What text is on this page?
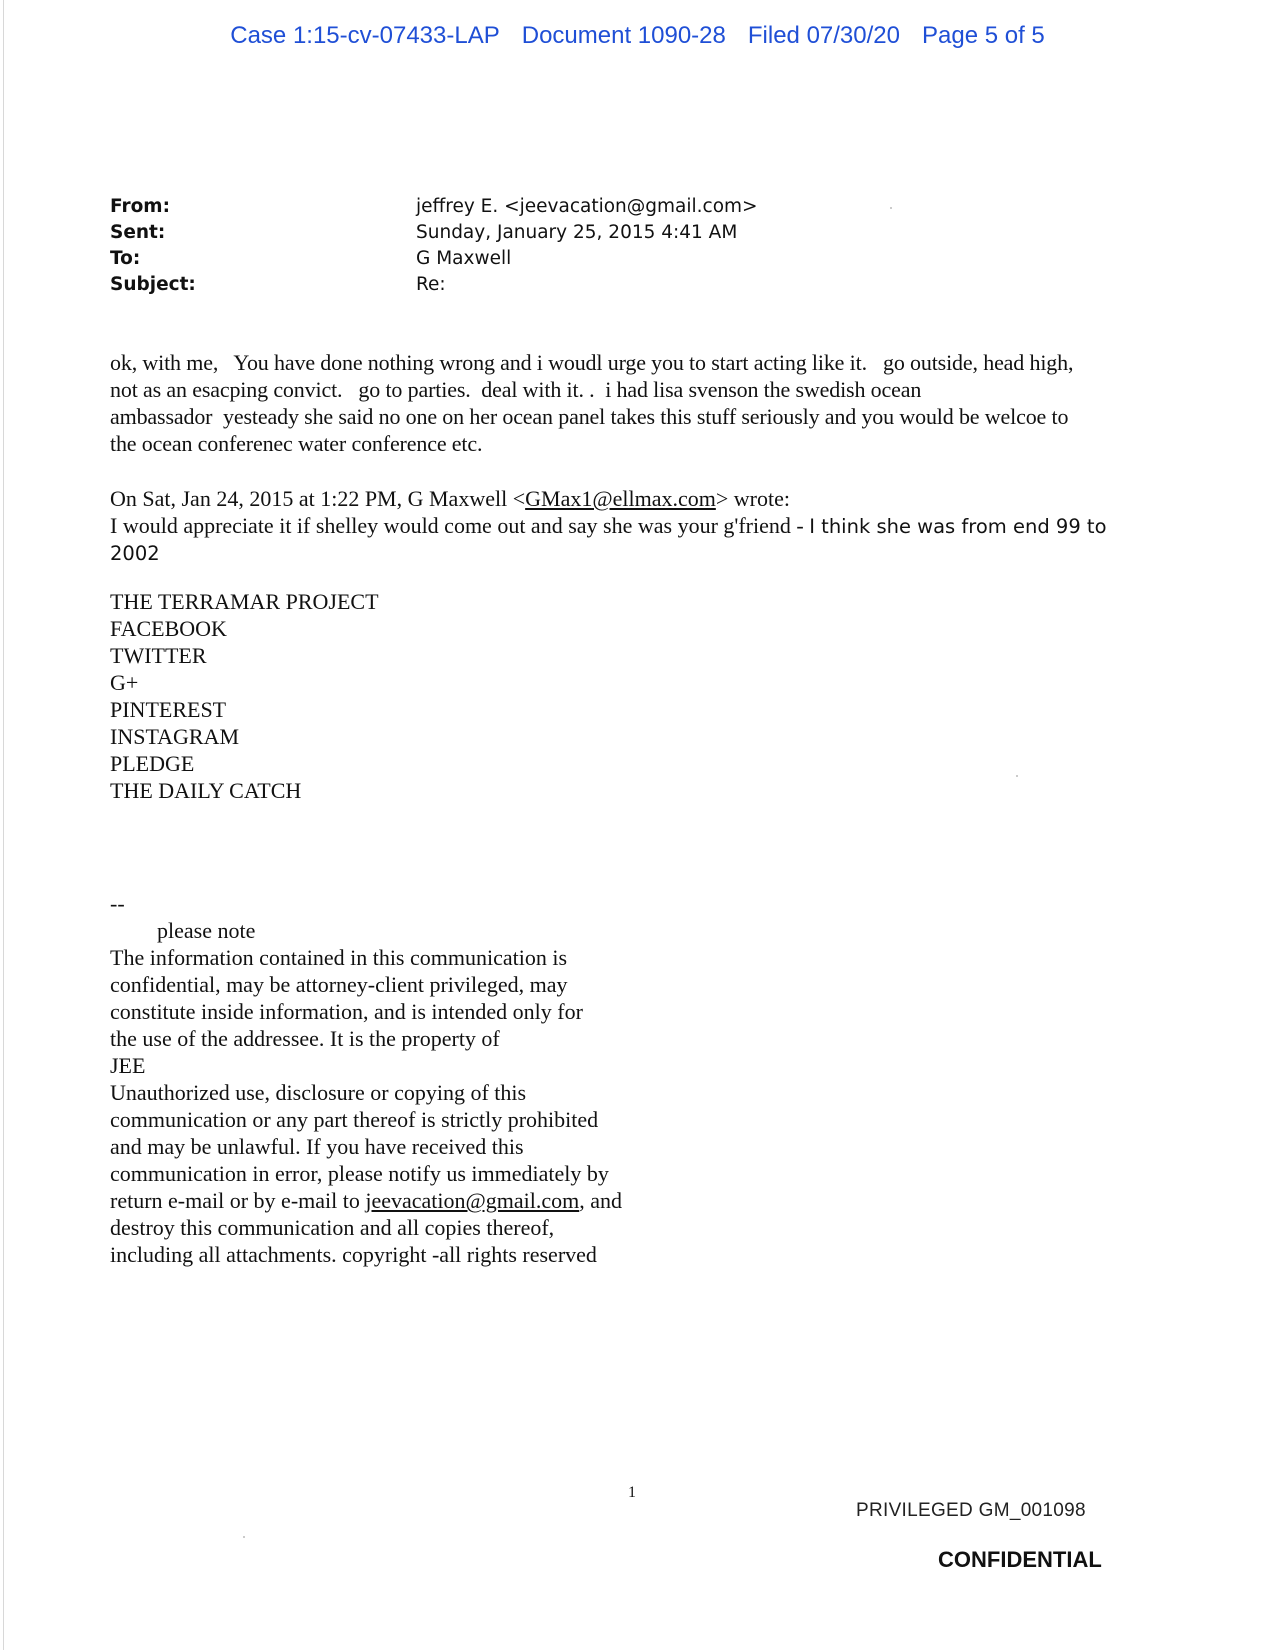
Case 1:15-cv-07433-LAP Document 1090-28 Filed 07/30/20 Page 5 of 5
From:	jeffrey E. <jeevacation@gmail.com>
Sent:	Sunday, January 25, 2015 4:41 AM
To:	G Maxwell
Subject:	Re:
ok, with me,   You have done nothing wrong and i woudl urge you to start acting like it.   go outside, head high,
not as an esacping convict.   go to parties.  deal with it. .  i had lisa svenson the swedish ocean
ambassador  yesteady she said no one on her ocean panel takes this stuff seriously and you would be welcoe to
the ocean conferenec water conference etc.
On Sat, Jan 24, 2015 at 1:22 PM, G Maxwell <GMax1@ellmax.com> wrote:
I would appreciate it if shelley would come out and say she was your g'friend - I think she was from end 99 to
2002
THE TERRAMAR PROJECT
FACEBOOK
TWITTER
G+
PINTEREST
INSTAGRAM
PLEDGE
THE DAILY CATCH
--
please note
The information contained in this communication is
confidential, may be attorney-client privileged, may
constitute inside information, and is intended only for
the use of the addressee. It is the property of
JEE
Unauthorized use, disclosure or copying of this
communication or any part thereof is strictly prohibited
and may be unlawful. If you have received this
communication in error, please notify us immediately by
return e-mail or by e-mail to jeevacation@gmail.com, and
destroy this communication and all copies thereof,
including all attachments. copyright -all rights reserved
1
PRIVILEGED GM_001098
CONFIDENTIAL
